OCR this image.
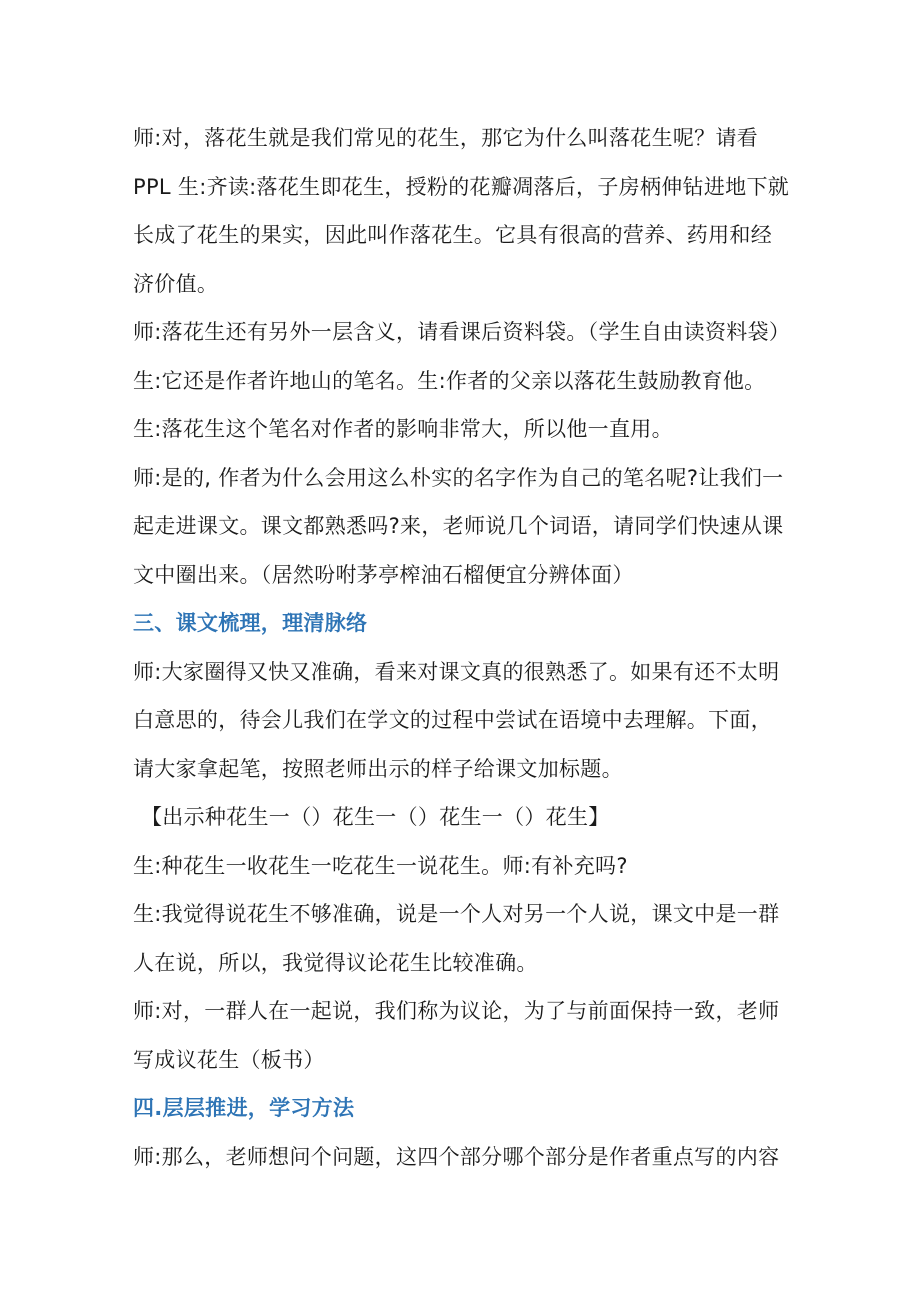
师:对，落花生就是我们常见的花生，那它为什么叫落花生呢？请看
PPL 生:齐读:落花生即花生，授粉的花瓣凋落后，子房柄伸钻进地下就
长成了花生的果实，因此叫作落花生。它具有很高的营养、药用和经
济价值。
师:落花生还有另外一层含义，请看课后资料袋。（学生自由读资料袋）
生:它还是作者许地山的笔名。生:作者的父亲以落花生鼓励教育他。
生:落花生这个笔名对作者的影响非常大，所以他一直用。
师:是的, 作者为什么会用这么朴实的名字作为自己的笔名呢?让我们一
起走进课文。课文都熟悉吗?来，老师说几个词语，请同学们快速从课
文中圈出来。（居然吩咐茅亭榨油石榴便宜分辨体面）
三、课文梳理，理清脉络
师:大家圈得又快又准确，看来对课文真的很熟悉了。如果有还不太明
白意思的，待会儿我们在学文的过程中尝试在语境中去理解。下面，
请大家拿起笔，按照老师出示的样子给课文加标题。
【出示种花生一（）花生一（）花生一（）花生】
生:种花生一收花生一吃花生一说花生。师:有补充吗?
生:我觉得说花生不够准确，说是一个人对另一个人说，课文中是一群
人在说，所以，我觉得议论花生比较准确。
师:对，一群人在一起说，我们称为议论，为了与前面保持一致，老师
写成议花生（板书）
四.层层推进，学习方法
师:那么，老师想问个问题，这四个部分哪个部分是作者重点写的内容
